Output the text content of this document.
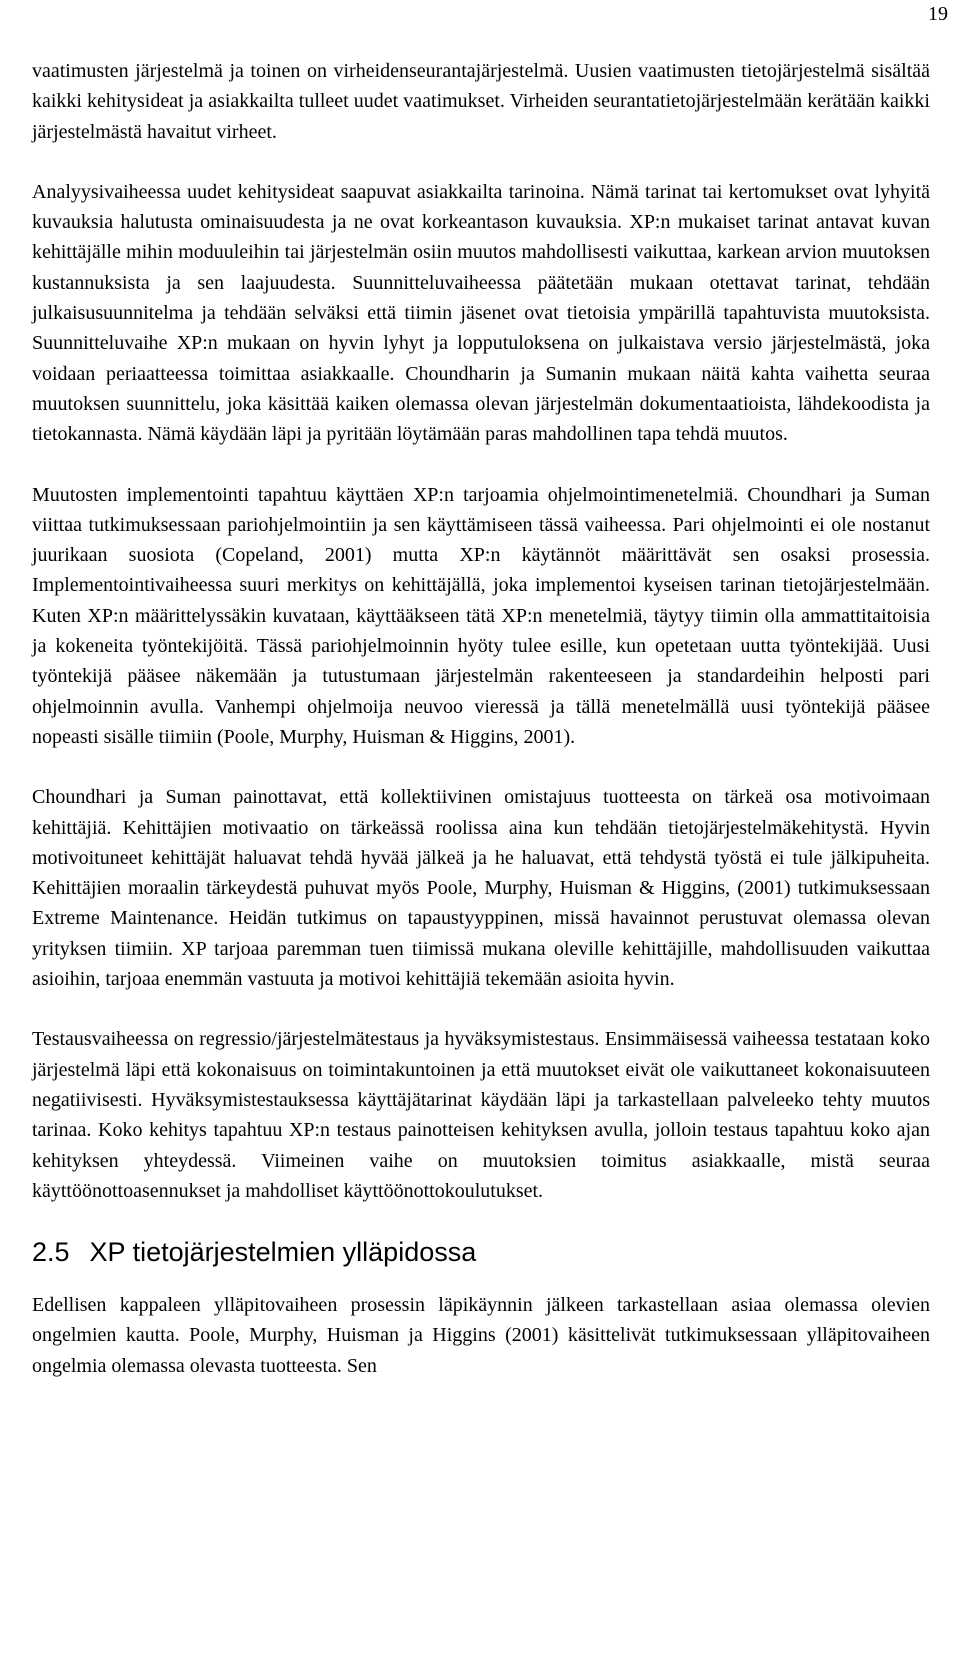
19

vaatimusten järjestelmä ja toinen on virheidenseurantajärjestelmä. Uusien vaatimusten tietojärjestelmä sisältää kaikki kehitysideat ja asiakkailta tulleet uudet vaatimukset. Virheiden seurantatietojärjestelmään kerätään kaikki järjestelmästä havaitut virheet.

Analyysivaiheessa uudet kehitysideat saapuvat asiakkailta tarinoina. Nämä tarinat tai kertomukset ovat lyhyitä kuvauksia halutusta ominaisuudesta ja ne ovat korkeantason kuvauksia. XP:n mukaiset tarinat antavat kuvan kehittäjälle mihin moduuleihin tai järjestelmän osiin muutos mahdollisesti vaikuttaa, karkean arvion muutoksen kustannuksista ja sen laajuudesta. Suunnitteluvaiheessa päätetään mukaan otettavat tarinat, tehdään julkaisusuunnitelma ja tehdään selväksi että tiimin jäsenet ovat tietoisia ympärillä tapahtuvista muutoksista. Suunnitteluvaihe XP:n mukaan on hyvin lyhyt ja lopputuloksena on julkaistava versio järjestelmästä, joka voidaan periaatteessa toimittaa asiakkaalle. Choundharin ja Sumanin mukaan näitä kahta vaihetta seuraa muutoksen suunnittelu, joka käsittää kaiken olemassa olevan järjestelmän dokumentaatioista, lähdekoodista ja tietokannasta. Nämä käydään läpi ja pyritään löytämään paras mahdollinen tapa tehdä muutos.

Muutosten implementointi tapahtuu käyttäen XP:n tarjoamia ohjelmointimenetelmiä. Choundhari ja Suman viittaa tutkimuksessaan pariohjelmointiin ja sen käyttämiseen tässä vaiheessa. Pari ohjelmointi ei ole nostanut juurikaan suosiota (Copeland, 2001) mutta XP:n käytännöt määrittävät sen osaksi prosessia. Implementointivaiheessa suuri merkitys on kehittäjällä, joka implementoi kyseisen tarinan tietojärjestelmään. Kuten XP:n määrittelyssäkin kuvataan, käyttääkseen tätä XP:n menetelmiä, täytyy tiimin olla ammattitaitoisia ja kokeneita työntekijöitä. Tässä pariohjelmoinnin hyöty tulee esille, kun opetetaan uutta työntekijää. Uusi työntekijä pääsee näkemään ja tutustumaan järjestelmän rakenteeseen ja standardeihin helposti pari ohjelmoinnin avulla. Vanhempi ohjelmoija neuvoo vieressä ja tällä menetelmällä uusi työntekijä pääsee nopeasti sisälle tiimiin (Poole, Murphy, Huisman & Higgins, 2001).

Choundhari ja Suman painottavat, että kollektiivinen omistajuus tuotteesta on tärkeä osa motivoimaan kehittäjiä. Kehittäjien motivaatio on tärkeässä roolissa aina kun tehdään tietojärjestelmäkehitystä. Hyvin motivoituneet kehittäjät haluavat tehdä hyvää jälkeä ja he haluavat, että tehdystä työstä ei tule jälkipuheita. Kehittäjien moraalin tärkeydestä puhuvat myös Poole, Murphy, Huisman & Higgins, (2001) tutkimuksessaan Extreme Maintenance. Heidän tutkimus on tapaustyyppinen, missä havainnot perustuvat olemassa olevan yrityksen tiimiin. XP tarjoaa paremman tuen tiimissä mukana oleville kehittäjille, mahdollisuuden vaikuttaa asioihin, tarjoaa enemmän vastuuta ja motivoi kehittäjiä tekemään asioita hyvin.

Testausvaiheessa on regressio/järjestelmätestaus ja hyväksymistestaus. Ensimmäisessä vaiheessa testataan koko järjestelmä läpi että kokonaisuus on toimintakuntoinen ja että muutokset eivät ole vaikuttaneet kokonaisuuteen negatiivisesti. Hyväksymistestauksessa käyttäjätarinat käydään läpi ja tarkastellaan palveleeko tehty muutos tarinaa. Koko kehitys tapahtuu XP:n testaus painotteisen kehityksen avulla, jolloin testaus tapahtuu koko ajan kehityksen yhteydessä. Viimeinen vaihe on muutoksien toimitus asiakkaalle, mistä seuraa käyttöönottoasennukset ja mahdolliset käyttöönottokoulutukset.

2.5 XP tietojärjestelmien ylläpidossa

Edellisen kappaleen ylläpitovaiheen prosessin läpikäynnin jälkeen tarkastellaan asiaa olemassa olevien ongelmien kautta. Poole, Murphy, Huisman ja Higgins (2001) käsittelivät tutkimuksessaan ylläpitovaiheen ongelmia olemassa olevasta tuotteesta. Sen
